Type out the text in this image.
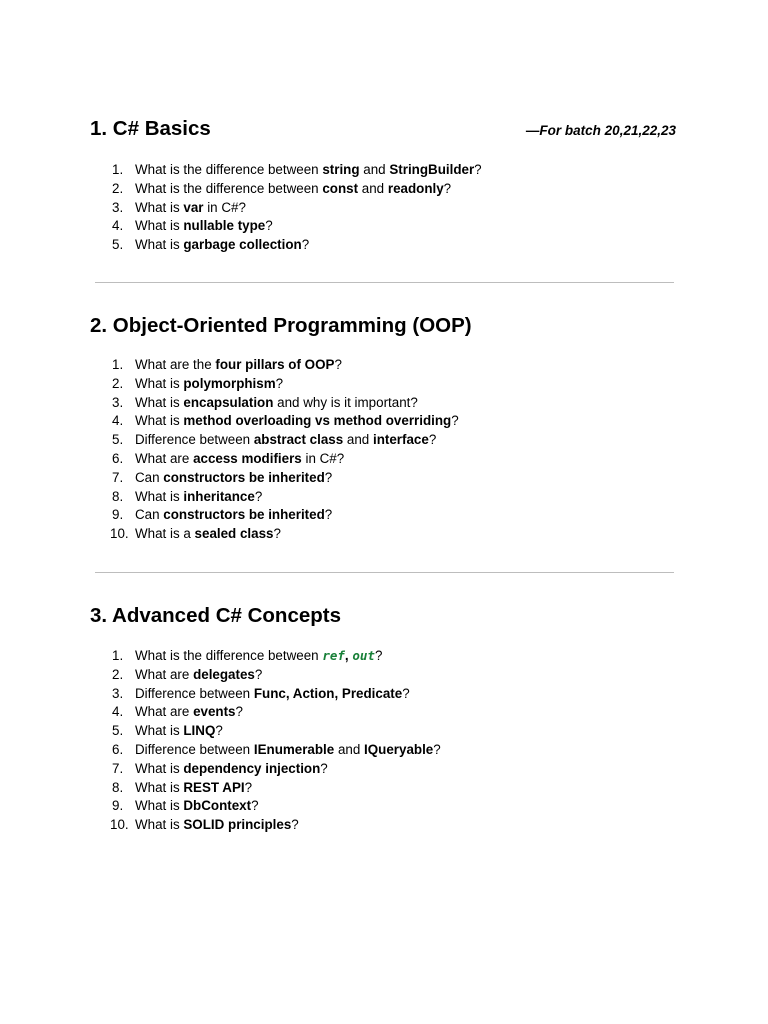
—For batch 20,21,22,23
1. C# Basics
1. What is the difference between string and StringBuilder?
2. What is the difference between const and readonly?
3. What is var in C#?
4. What is nullable type?
5. What is garbage collection?
2. Object-Oriented Programming (OOP)
1. What are the four pillars of OOP?
2. What is polymorphism?
3. What is encapsulation and why is it important?
4. What is method overloading vs method overriding?
5. Difference between abstract class and interface?
6. What are access modifiers in C#?
7. Can constructors be inherited?
8. What is inheritance?
9. Can constructors be inherited?
10. What is a sealed class?
3. Advanced C# Concepts
1. What is the difference between ref, out?
2. What are delegates?
3. Difference between Func, Action, Predicate?
4. What are events?
5. What is LINQ?
6. Difference between IEnumerable and IQueryable?
7. What is dependency injection?
8. What is REST API?
9. What is DbContext?
10. What is SOLID principles?
